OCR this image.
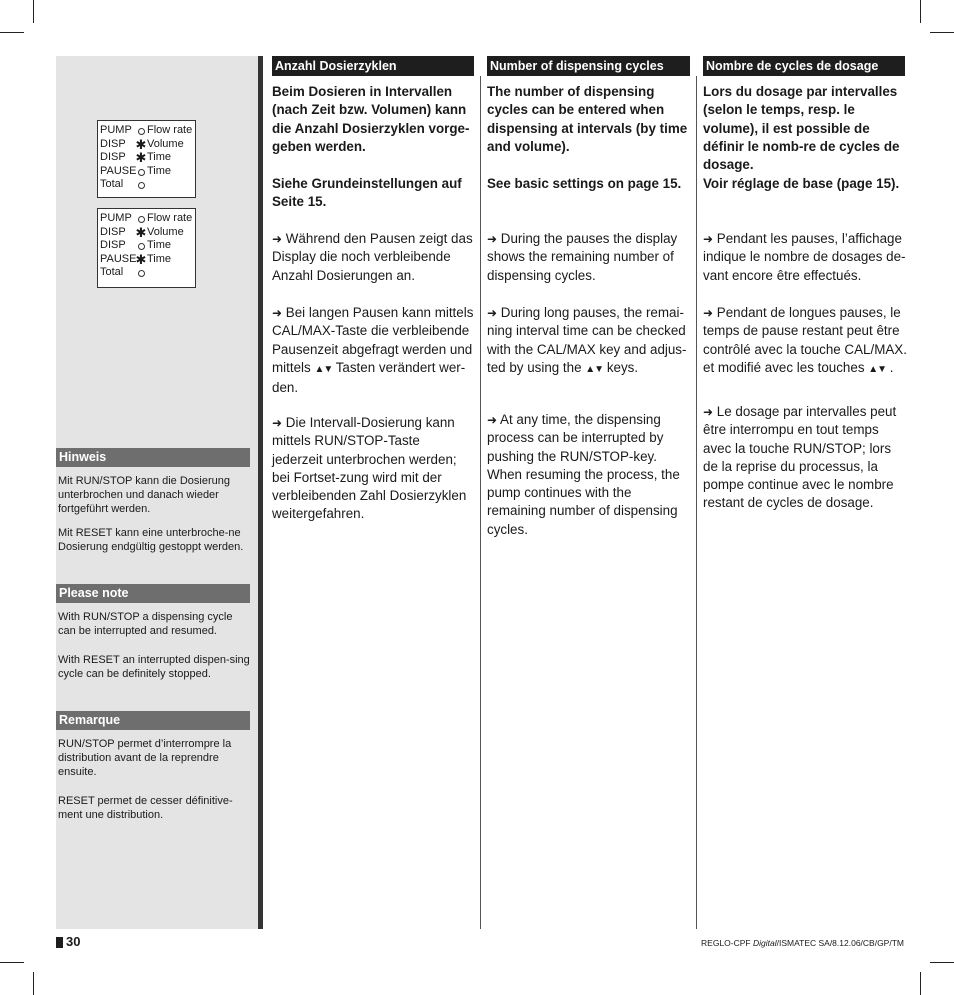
PUMP Flow rate
DISP ✱ Volume
DISP ✱ Time
PAUSE Time
Total
PUMP Flow rate
DISP ✱ Volume
DISP Time
PAUSE ✱ Time
Total
Hinweis

Mit RUN/STOP kann die Dosierung unterbrochen und danach wieder fortgeführt werden.

Mit RESET kann eine unterbroche-ne Dosierung endgültig gestoppt werden.

Please note

With RUN/STOP a dispensing cycle can be interrupted and resumed.

With RESET an interrupted dispen-sing cycle can be definitely stopped.

Remarque

RUN/STOP permet d’interrompre la distribution avant de la reprendre ensuite.

RESET permet de cesser définitive-ment une distribution.

Anzahl Dosierzyklen	Number of dispensing cycles	Nombre de cycles de dosage

Beim Dosieren in Intervallen (nach Zeit bzw. Volumen) kann die Anzahl Dosierzyklen vorge-geben werden.

Siehe Grundeinstellungen auf Seite 15.

➜ Während den Pausen zeigt das Display die noch verbleibende Anzahl Dosierungen an.

➜ Bei langen Pausen kann mittels CAL/MAX-Taste die verbleibende Pausenzeit abgefragt werden und mittels ▲▼ Tasten verändert wer-den.

➜ Die Intervall-Dosierung kann mittels RUN/STOP-Taste jederzeit unterbrochen werden; bei Fortset-zung wird mit der verbleibenden Zahl Dosierzyklen weitergefahren.

The number of dispensing cycles can be entered when dispensing at intervals (by time and volume).

See basic settings on page 15.

➜ During the pauses the display shows the remaining number of dispensing cycles.

➜ During long pauses, the remai-ning interval time can be checked with the CAL/MAX key and adjus-ted by using the ▲▼ keys.

➜ At any time, the dispensing process can be interrupted by pushing the RUN/STOP-key. When resuming the process, the pump continues with the remaining number of dispensing cycles.

Lors du dosage par intervalles (selon le temps, resp. le volume), il est possible de définir le nomb-re de cycles de dosage.

Voir réglage de base (page 15).

➜ Pendant les pauses, l’affichage indique le nombre de dosages de-vant encore être effectués.

➜ Pendant de longues pauses, le temps de pause restant peut être contrôlé avec la touche CAL/MAX. et modifié avec les touches ▲▼ .

➜ Le dosage par intervalles peut être interrompu en tout temps avec la touche RUN/STOP; lors de la reprise du processus, la pompe continue avec le nombre restant de cycles de dosage.

30	REGLO-CPF Digital/ISMATEC SA/8.12.06/CB/GP/TM
